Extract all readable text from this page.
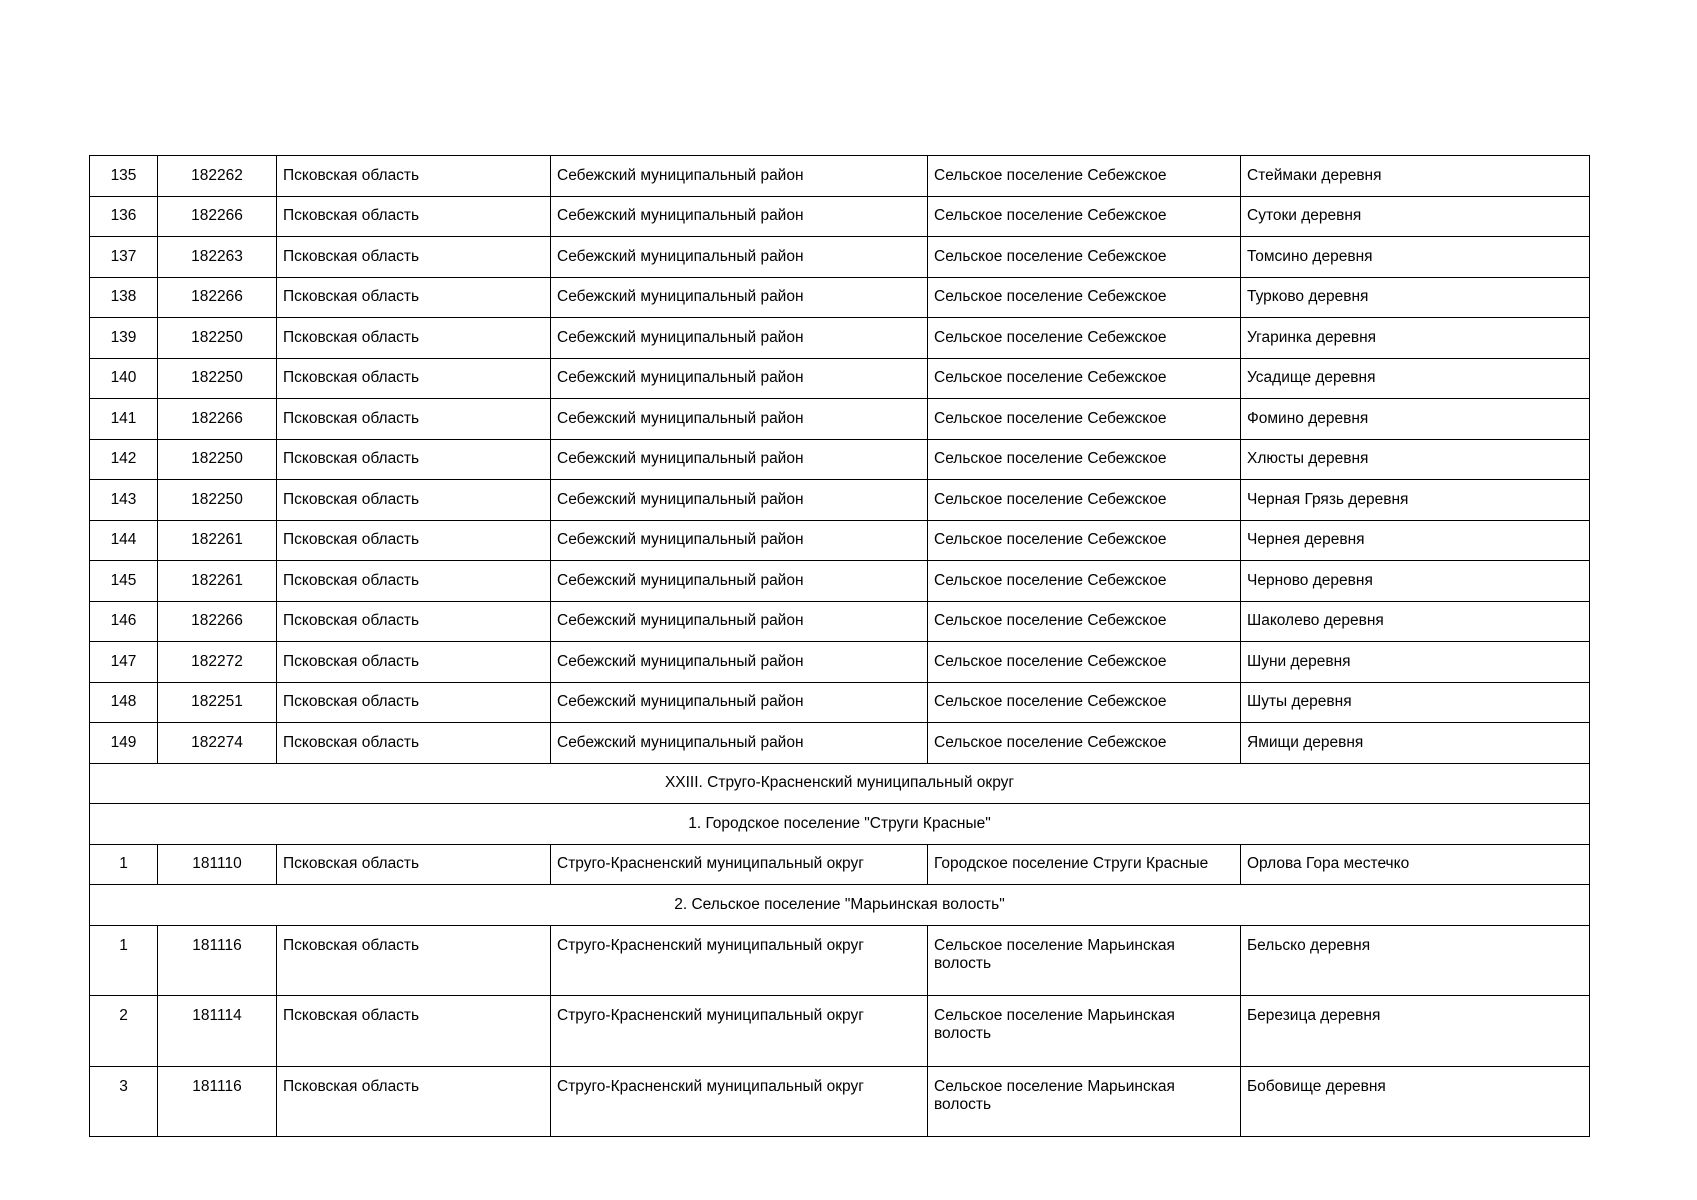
135	182262	Псковская область	Себежский муниципальный район	Сельское поселение Себежское	Стеймаки деревня
136	182266	Псковская область	Себежский муниципальный район	Сельское поселение Себежское	Сутоки деревня
137	182263	Псковская область	Себежский муниципальный район	Сельское поселение Себежское	Томсино деревня
138	182266	Псковская область	Себежский муниципальный район	Сельское поселение Себежское	Турково деревня
139	182250	Псковская область	Себежский муниципальный район	Сельское поселение Себежское	Угаринка деревня
140	182250	Псковская область	Себежский муниципальный район	Сельское поселение Себежское	Усадище деревня
141	182266	Псковская область	Себежский муниципальный район	Сельское поселение Себежское	Фомино деревня
142	182250	Псковская область	Себежский муниципальный район	Сельское поселение Себежское	Хлюсты деревня
143	182250	Псковская область	Себежский муниципальный район	Сельское поселение Себежское	Черная Грязь деревня
144	182261	Псковская область	Себежский муниципальный район	Сельское поселение Себежское	Чернея деревня
145	182261	Псковская область	Себежский муниципальный район	Сельское поселение Себежское	Черново деревня
146	182266	Псковская область	Себежский муниципальный район	Сельское поселение Себежское	Шаколево деревня
147	182272	Псковская область	Себежский муниципальный район	Сельское поселение Себежское	Шуни деревня
148	182251	Псковская область	Себежский муниципальный район	Сельское поселение Себежское	Шуты деревня
149	182274	Псковская область	Себежский муниципальный район	Сельское поселение Себежское	Ямищи деревня
XXIII. Струго-Красненский муниципальный округ					
1. Городское поселение "Струги Красные"					
1	181110	Псковская область	Струго-Красненский муниципальный округ	Городское поселение Струги Красные	Орлова Гора местечко
2. Сельское поселение "Марьинская волость"					
1	181116	Псковская область	Струго-Красненский муниципальный округ	Сельское поселение Марьинская волость	Бельско деревня
2	181114	Псковская область	Струго-Красненский муниципальный округ	Сельское поселение Марьинская волость	Березица деревня
3	181116	Псковская область	Струго-Красненский муниципальный округ	Сельское поселение Марьинская волость	Бобовище деревня
